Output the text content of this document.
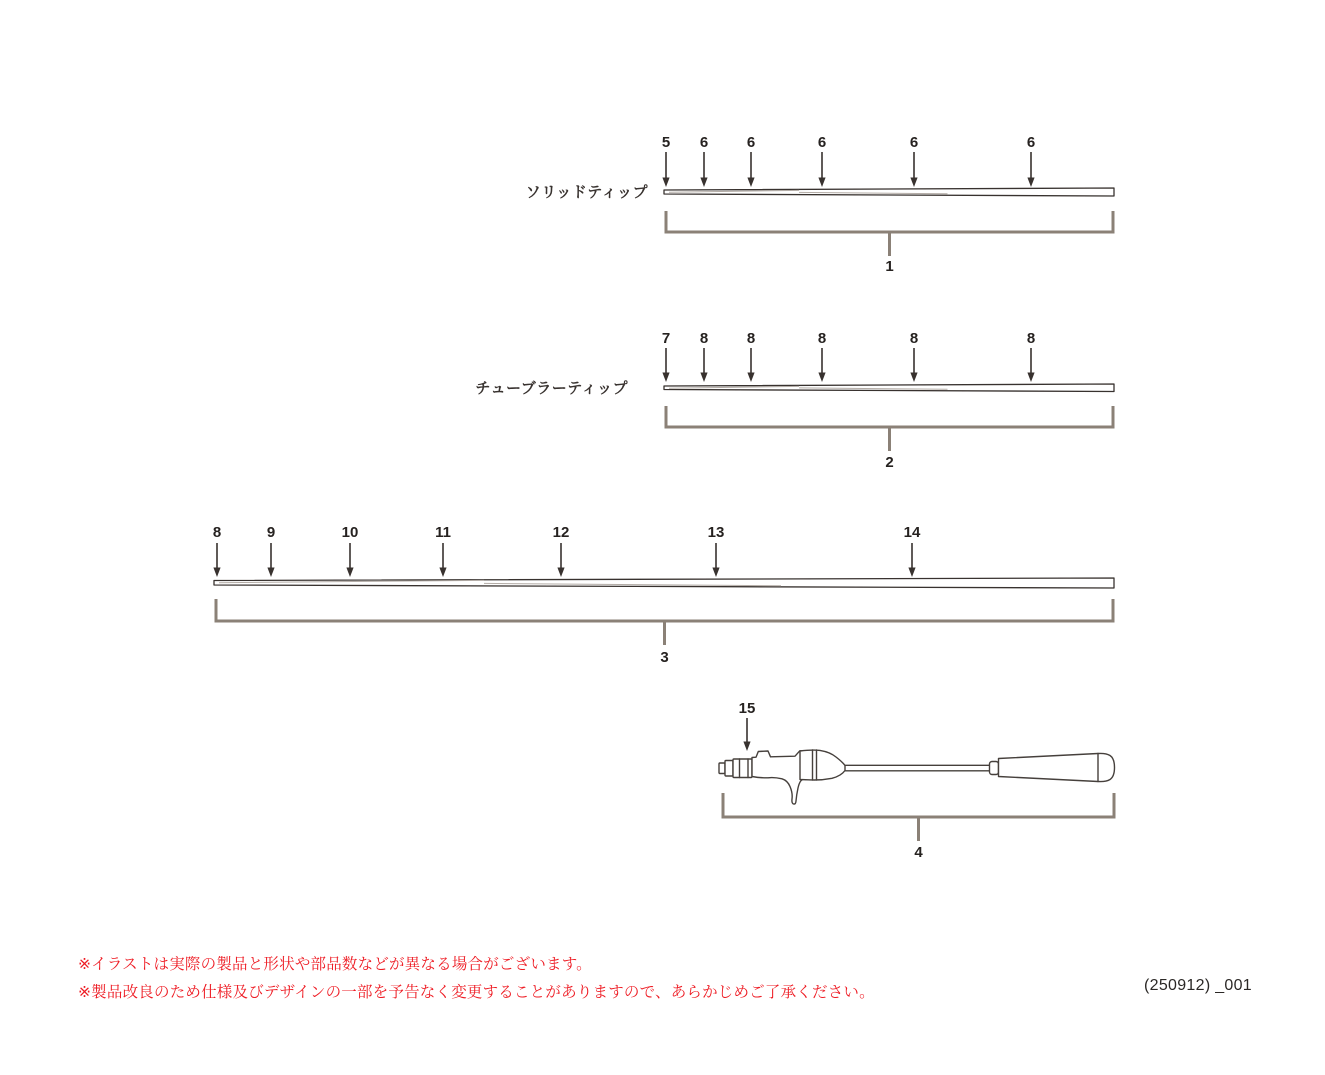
ソリッドティップ
5 6	6	6	6	6
1
チューブラーティップ
7 8	8	8	8	8
2
8	9	10	11	12	13	14
3
15
4
※イラストは実際の製品と形状や部品数などが異なる場合がございます。
※製品改良のため仕様及びデザインの一部を予告なく変更することがありますので、あらかじめご了承ください。	(250912) _001
